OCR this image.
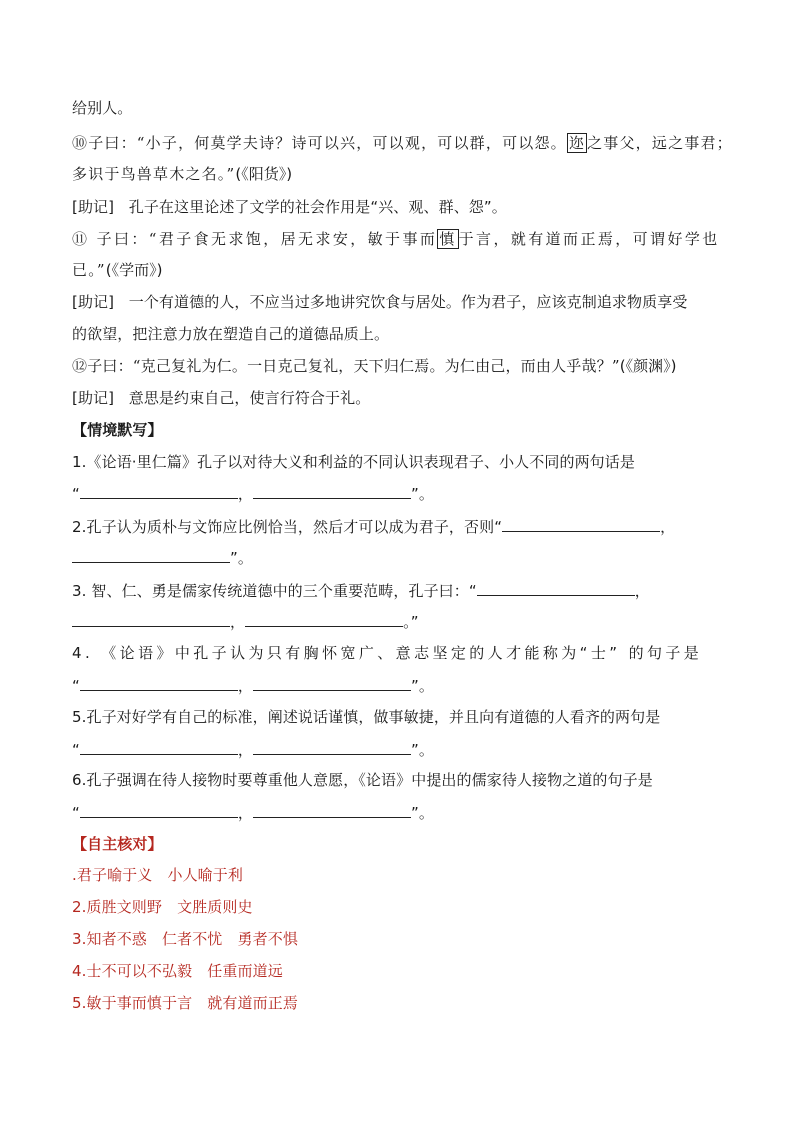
给别人。
⑩子曰：“小子，何莫学夫诗？诗可以兴，可以观，可以群，可以怨。 迩 之事父，远之事君；
多识于鸟兽草木之名。”(《阳货》)
[助记] 孔子在这里论述了文学的社会作用是“兴、观、群、怨”。
⑪ 子曰：“君子食无求饱，居无求安，敏于事而 慎 于言，就有道而正焉，可谓好学也
已。”(《学而》)
[助记] 一个有道德的人，不应当过多地讲究饮食与居处。作为君子，应该克制追求物质享受
的欲望，把注意力放在塑造自己的道德品质上。
⑫子曰：“克己复礼为仁。一日克己复礼，天下归仁焉。为仁由己，而由人乎哉？”(《颜渊》)
[助记] 意思是约束自己，使言行符合于礼。
【情境默写】
1.《论语·里仁篇》孔子以对待大义和利益的不同认识表现君子、小人不同的两句话是
“	，	”。
2.孔子认为质朴与文饰应比例恰当，然后才可以成为君子，否则“	，
”。
3. 智、仁、勇是儒家传统道德中的三个重要范畴，孔子曰：“	，
，	。”
4. 《论语》中孔子认为只有胸怀宽广、意志坚定的人才能称为“士” 的句子是
“	，	”。
5.孔子对好学有自己的标准，阐述说话谨慎，做事敏捷，并且向有道德的人看齐的两句是
“	，	”。
6.孔子强调在待人接物时要尊重他人意愿，《论语》中提出的儒家待人接物之道的句子是
“	，	”。
【自主核对】
.君子喻于义　小人喻于利
2.质胜文则野　文胜质则史
3.知者不惑　仁者不忧　勇者不惧
4.士不可以不弘毅　任重而道远
5.敏于事而慎于言　就有道而正焉
